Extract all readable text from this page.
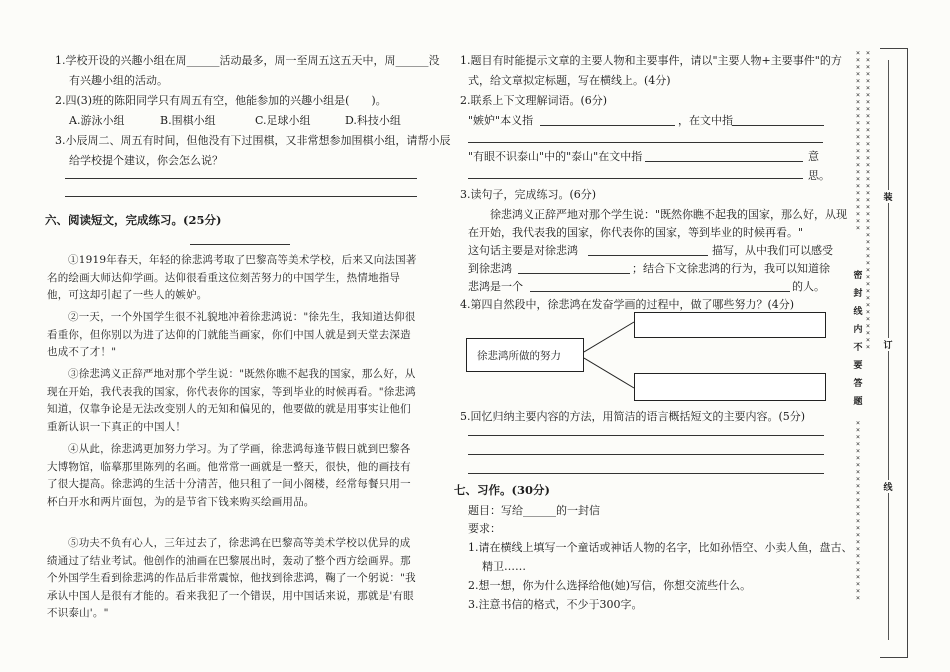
1.学校开设的兴趣小组在周______活动最多，周一至周五这五天中，周______没
有兴趣小组的活动。
2.四(3)班的陈阳同学只有周五有空，他能参加的兴趣小组是(　　)。
A.游泳小组	B.围棋小组	C.足球小组	D.科技小组
3.小辰周二、周五有时间，但他没有下过围棋，又非常想参加围棋小组，请帮小辰
给学校提个建议，你会怎么说？
六、阅读短文，完成练习。(25分)
①1919年春天，年轻的徐悲鸿考取了巴黎高等美术学校，后来又向法国著名的绘画大师达仰学画。达仰很看重这位刻苦努力的中国学生，热情地指导他，可这却引起了一些人的嫉妒。
②一天，一个外国学生很不礼貌地冲着徐悲鸿说："徐先生，我知道达仰很看重你，但你别以为进了达仰的门就能当画家，你们中国人就是到天堂去深造也成不了才！"
③徐悲鸿义正辞严地对那个学生说："既然你瞧不起我的国家，那么好，从现在开始，我代表我的国家，你代表你的国家，等到毕业的时候再看。"徐悲鸿知道，仅靠争论是无法改变别人的无知和偏见的，他要做的就是用事实让他们重新认识一下真正的中国人！
④从此，徐悲鸿更加努力学习。为了学画，徐悲鸿每逢节假日就到巴黎各大博物馆，临摹那里陈列的名画。他常常一画就是一整天，很快，他的画技有了很大提高。徐悲鸿的生活十分清苦，他只租了一间小阁楼，经常每餐只用一杯白开水和两片面包，为的是节省下钱来购买绘画用品。
⑤功夫不负有心人，三年过去了，徐悲鸿在巴黎高等美术学校以优异的成绩通过了结业考试。他创作的油画在巴黎展出时，轰动了整个西方绘画界。那个外国学生看到徐悲鸿的作品后非常震惊，他找到徐悲鸿，鞠了一个躬说："我承认中国人是很有才能的。看来我犯了一个错误，用中国话来说，那就是'有眼不识泰山'。"
1.题目有时能提示文章的主要人物和主要事件，请以"主要人物+主要事件"的方
式，给文章拟定标题，写在横线上。(4分)
2.联系上下文理解词语。(6分)
"嫉妒"本义指	，在文中指
"有眼不识泰山"中的"泰山"在文中指	意
思。
3.读句子，完成练习。(6分)
徐悲鸿义正辞严地对那个学生说："既然你瞧不起我的国家，那么好，从现
在开始，我代表我的国家，你代表你的国家，等到毕业的时候再看。"
这句话主要是对徐悲鸿	描写，从中我们可以感受
到徐悲鸿	；结合下文徐悲鸿的行为，我可以知道徐
悲鸿是一个	的人。
4.第四自然段中，徐悲鸿在发奋学画的过程中，做了哪些努力？(4分)
徐悲鸿所做的努力
5.回忆归纳主要内容的方法，用简洁的语言概括短文的主要内容。(5分)
七、习作。(30分)
题目：写给______的一封信
要求：
1.请在横线上填写一个童话或神话人物的名字，比如孙悟空、小卖人鱼，盘古、
精卫……
2.想一想，你为什么选择给他(她)写信，你想交流些什么。
3.注意书信的格式，不少于300字。
××××××××××××××××××××××××××
××××××××××××××××××××××××××
×××××××××××××××××××××××××××××××××××××××××××
密
封
线
内
不
要
答
题
装
订
线
